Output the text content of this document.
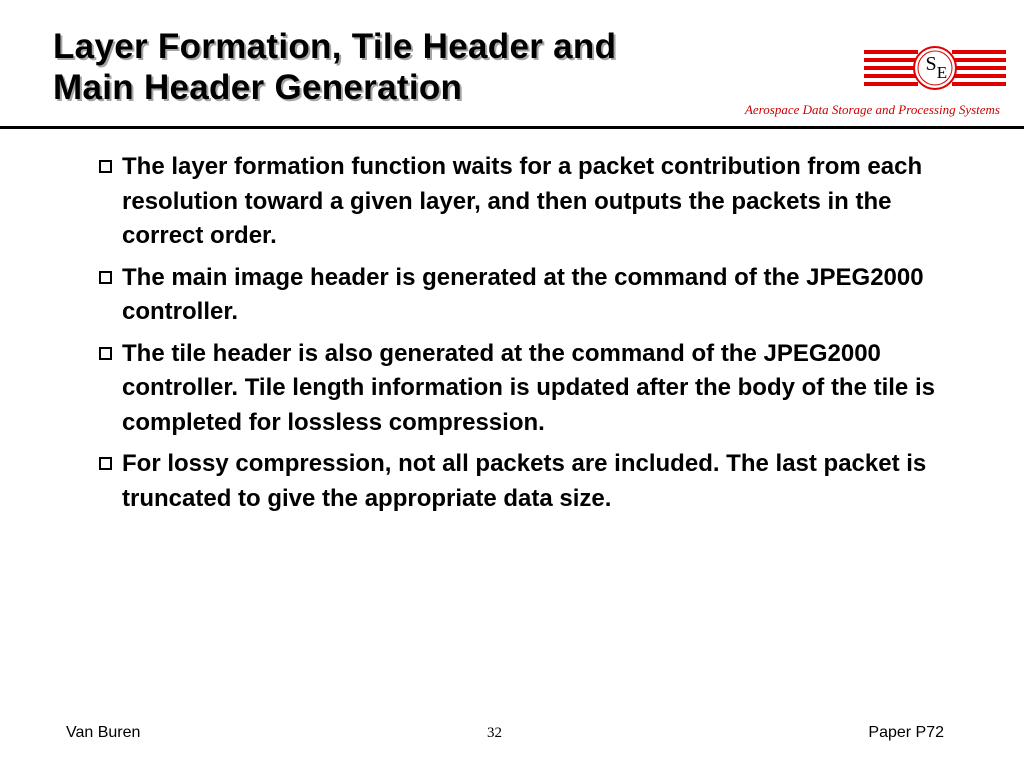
Layer Formation, Tile Header and
Main Header Generation
S E

Aerospace Data Storage and Processing Systems

The layer formation function waits for a packet contribution from each resolution toward a given layer, and then outputs the packets in the correct order.
The main image header is generated at the command of the JPEG2000 controller.
The tile header is also generated at the command of the JPEG2000 controller. Tile length information is updated after the body of the tile is completed for lossless compression.
For lossy compression, not all packets are included. The last packet is truncated to give the appropriate data size.

Van Buren	32	Paper P72
